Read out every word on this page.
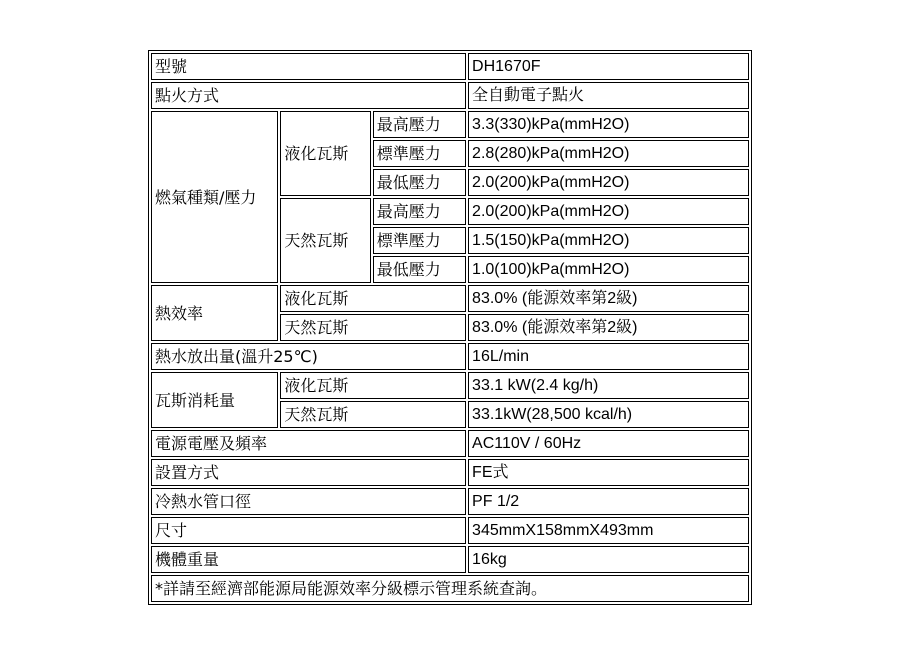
型號			DH1670F
點火方式			全自動電子點火
燃氣種類/壓力	液化瓦斯	最高壓力	3.3(330)kPa(mmH2O)
		標準壓力	2.8(280)kPa(mmH2O)
		最低壓力	2.0(200)kPa(mmH2O)
	天然瓦斯	最高壓力	2.0(200)kPa(mmH2O)
		標準壓力	1.5(150)kPa(mmH2O)
		最低壓力	1.0(100)kPa(mmH2O)
熱效率	液化瓦斯		83.0% (能源效率第2級)
	天然瓦斯		83.0% (能源效率第2級)
熱水放出量(溫升25℃)			16L/min
瓦斯消耗量	液化瓦斯		33.1 kW(2.4 kg/h)
	天然瓦斯		33.1kW(28,500 kcal/h)
電源電壓及頻率			AC110V / 60Hz
設置方式			FE式
冷熱水管口徑			PF 1/2
尺寸			345mmX158mmX493mm
機體重量			16kg
*詳請至經濟部能源局能源效率分級標示管理系統查詢。			
